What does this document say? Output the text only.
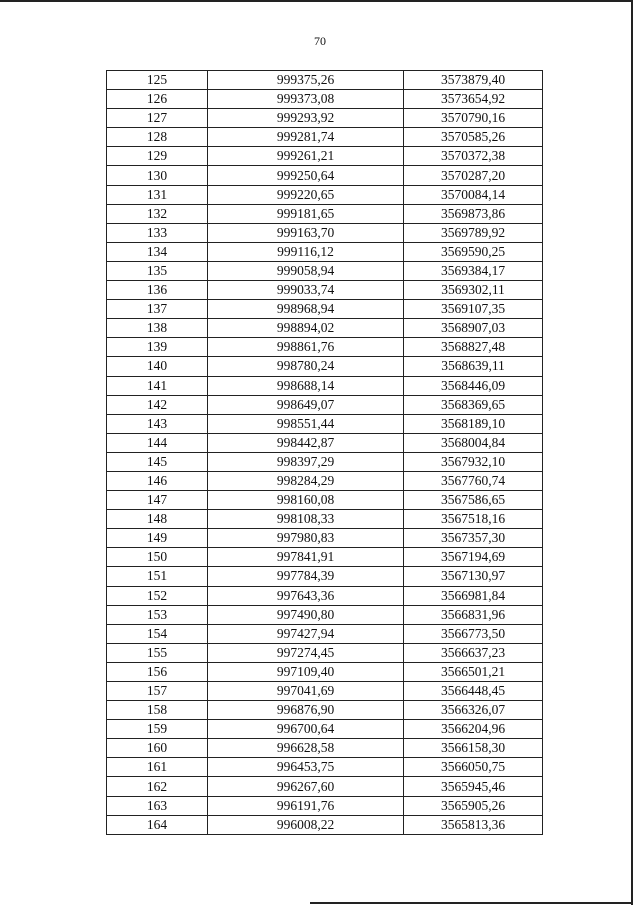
70
125	999375,26	3573879,40
126	999373,08	3573654,92
127	999293,92	3570790,16
128	999281,74	3570585,26
129	999261,21	3570372,38
130	999250,64	3570287,20
131	999220,65	3570084,14
132	999181,65	3569873,86
133	999163,70	3569789,92
134	999116,12	3569590,25
135	999058,94	3569384,17
136	999033,74	3569302,11
137	998968,94	3569107,35
138	998894,02	3568907,03
139	998861,76	3568827,48
140	998780,24	3568639,11
141	998688,14	3568446,09
142	998649,07	3568369,65
143	998551,44	3568189,10
144	998442,87	3568004,84
145	998397,29	3567932,10
146	998284,29	3567760,74
147	998160,08	3567586,65
148	998108,33	3567518,16
149	997980,83	3567357,30
150	997841,91	3567194,69
151	997784,39	3567130,97
152	997643,36	3566981,84
153	997490,80	3566831,96
154	997427,94	3566773,50
155	997274,45	3566637,23
156	997109,40	3566501,21
157	997041,69	3566448,45
158	996876,90	3566326,07
159	996700,64	3566204,96
160	996628,58	3566158,30
161	996453,75	3566050,75
162	996267,60	3565945,46
163	996191,76	3565905,26
164	996008,22	3565813,36
